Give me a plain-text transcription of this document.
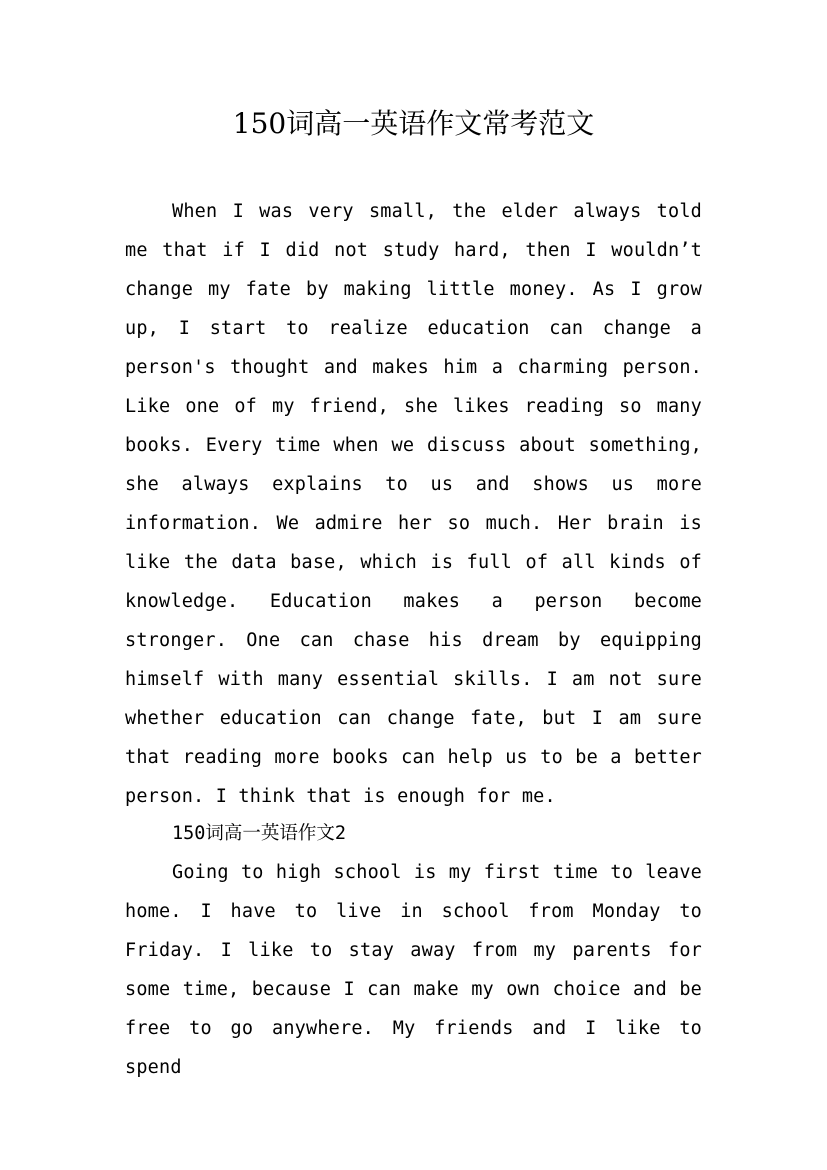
150词高一英语作文常考范文

When I was very small, the elder always told me that if I did not study hard, then I wouldn’t change my fate by making little money. As I grow up, I start to realize education can change a person's thought and makes him a charming person. Like one of my friend, she likes reading so many books. Every time when we discuss about something, she always explains to us and shows us more information. We admire her so much. Her brain is like the data base, which is full of all kinds of knowledge. Education makes a person become stronger. One can chase his dream by equipping himself with many essential skills. I am not sure whether education can change fate, but I am sure that reading more books can help us to be a better person. I think that is enough for me.

150词高一英语作文2

Going to high school is my first time to leave home. I have to live in school from Monday to Friday. I like to stay away from my parents for some time, because I can make my own choice and be free to go anywhere. My friends and I like to spend
